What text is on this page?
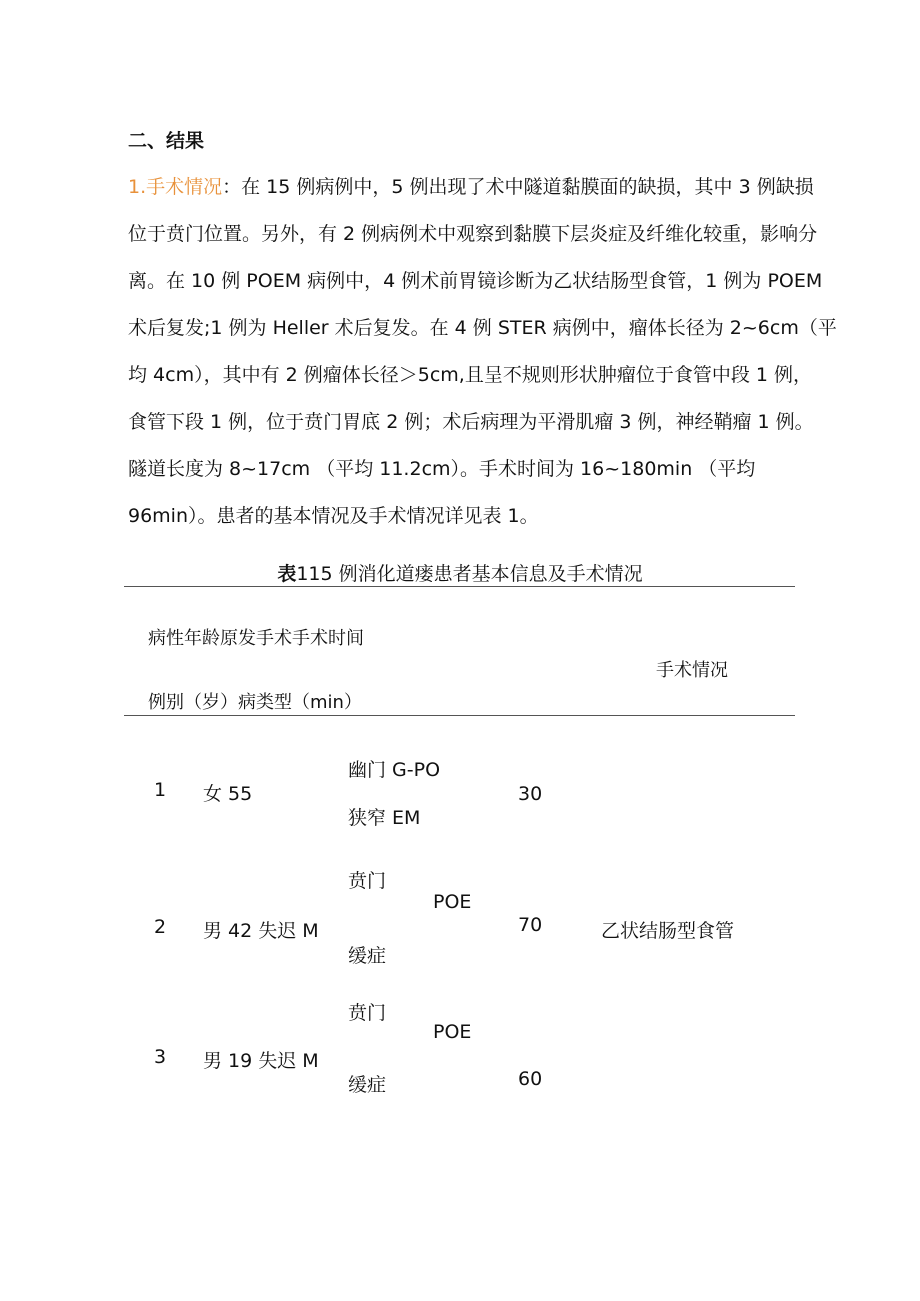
二、结果
1.手术情况：在 15 例病例中，5 例出现了术中隧道黏膜面的缺损，其中 3 例缺损
位于贲门位置。另外，有 2 例病例术中观察到黏膜下层炎症及纤维化较重，影响分
离。在 10 例 POEM 病例中，4 例术前胃镜诊断为乙状结肠型食管，1 例为 POEM
术后复发;1 例为 Heller 术后复发。在 4 例 STER 病例中，瘤体长径为 2~6cm（平
均 4cm），其中有 2 例瘤体长径＞5cm,且呈不规则形状肿瘤位于食管中段 1 例，
食管下段 1 例，位于贲门胃底 2 例；术后病理为平滑肌瘤 3 例，神经鞘瘤 1 例。
隧道长度为 8~17cm （平均 11.2cm）。手术时间为 16~180min （平均
96min）。患者的基本情况及手术情况详见表 1。
表115 例消化道瘘患者基本信息及手术情况
病性年龄原发手术手术时间
例别（岁）病类型（min）
手术情况
1 女 55
幽门 G-PO
狭窄 EM
30
2 男 42 失迟 M
贲门
缓症
POE
70	乙状结肠型食管
3 男 19 失迟 M
贲门
缓症
POE
60
